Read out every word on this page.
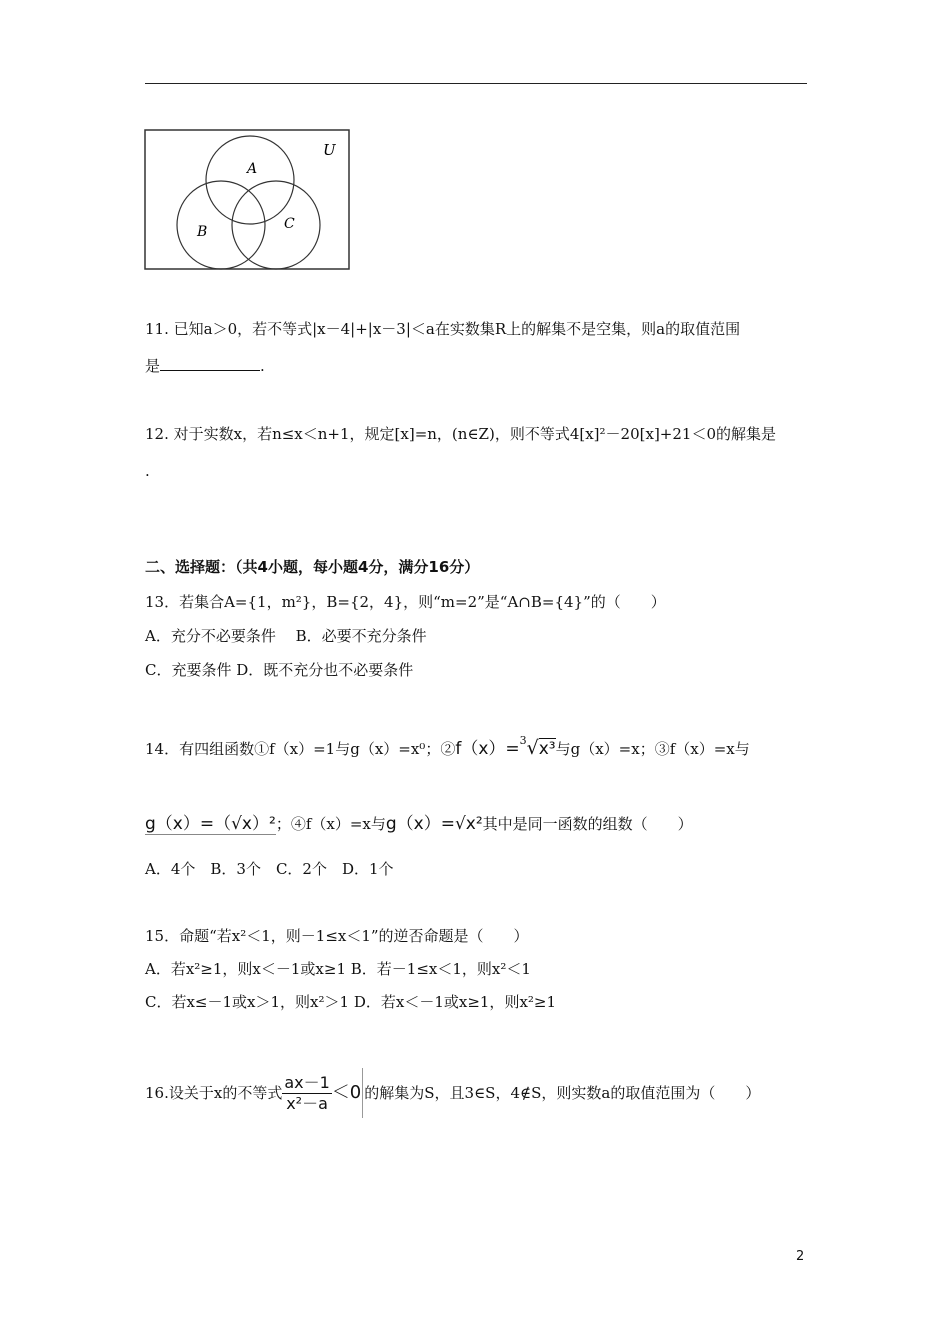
U
A
B	C
11. 已知a＞0，若不等式|x－4|+|x－3|＜a在实数集R上的解集不是空集，则a的取值范围
是	.
12. 对于实数x，若n≤x＜n+1，规定[x]=n，(n∈Z)，则不等式4[x]²－20[x]+21＜0的解集是
.
二、选择题：（共4小题，每小题4分，满分16分）
13．若集合A={1，m²}，B={2，4}，则“m=2”是“A∩B={4}”的（　　）
A．充分不必要条件　 B．必要不充分条件
C．充要条件 D．既不充分也不必要条件
14．有四组函数①f（x）=1与g（x）=x⁰；②f（x）=$^3$√x³与g（x）=x；③f（x）=x与
g（x）=（√x）²；④f（x）=x与g（x）=√x²其中是同一函数的组数（　　）
A．4个　B．3个　C．2个　D．1个
15．命题“若x²＜1，则－1≤x＜1”的逆否命题是（　　）
A．若x²≥1，则x＜－1或x≥1 B．若－1≤x＜1，则x²＜1
C．若x≤－1或x＞1，则x²＞1 D．若x＜－1或x≥1，则x²≥1
16.设关于x的不等式 $\frac{ax-1}{\text{x²－a}} <0$ 的解集为S，且3∈S，4∉S，则实数a的取值范围为（　　）
2
